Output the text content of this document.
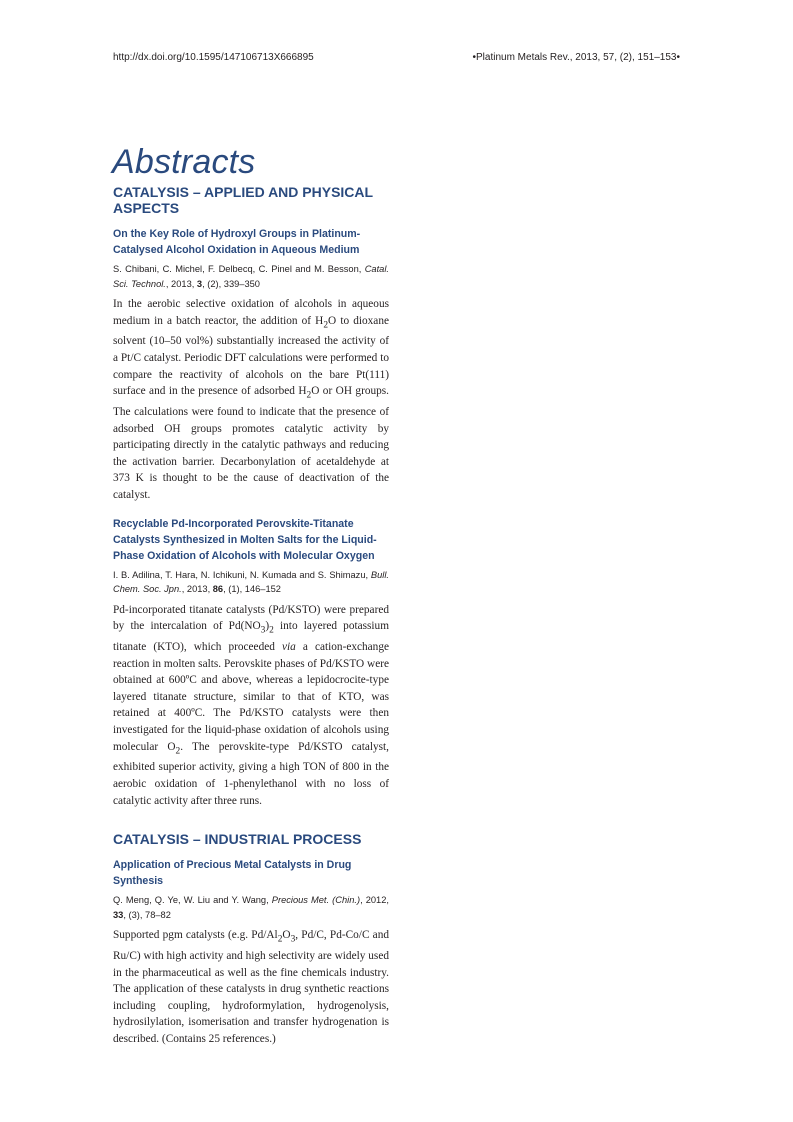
http://dx.doi.org/10.1595/147106713X666895	•Platinum Metals Rev., 2013, 57, (2), 151–153•
Abstracts
CATALYSIS – APPLIED AND PHYSICAL ASPECTS
On the Key Role of Hydroxyl Groups in Platinum-Catalysed Alcohol Oxidation in Aqueous Medium

S. Chibani, C. Michel, F. Delbecq, C. Pinel and M. Besson, Catal. Sci. Technol., 2013, 3, (2), 339–350

In the aerobic selective oxidation of alcohols in aqueous medium in a batch reactor, the addition of $H_2O$ to dioxane solvent (10–50 vol%) substantially increased the activity of a Pt/C catalyst. Periodic DFT calculations were performed to compare the reactivity of alcohols on the bare Pt(111) surface and in the presence of adsorbed $H_2O$ or OH groups. The calculations were found to indicate that the presence of adsorbed OH groups promotes catalytic activity by participating directly in the catalytic pathways and reducing the activation barrier. Decarbonylation of acetaldehyde at 373 K is thought to be the cause of deactivation of the catalyst.

Recyclable Pd-Incorporated Perovskite-Titanate Catalysts Synthesized in Molten Salts for the Liquid-Phase Oxidation of Alcohols with Molecular Oxygen

I. B. Adilina, T. Hara, N. Ichikuni, N. Kumada and S. Shimazu, Bull. Chem. Soc. Jpn., 2013, 86, (1), 146–152

Pd-incorporated titanate catalysts (Pd/KSTO) were prepared by the intercalation of $Pd(NO_3)_2$ into layered potassium titanate (KTO), which proceeded via a cation-exchange reaction in molten salts. Perovskite phases of Pd/KSTO were obtained at 600ºC and above, whereas a lepidocrocite-type layered titanate structure, similar to that of KTO, was retained at 400ºC. The Pd/KSTO catalysts were then investigated for the liquid-phase oxidation of alcohols using molecular $O_2$. The perovskite-type Pd/KSTO catalyst, exhibited superior activity, giving a high TON of 800 in the aerobic oxidation of 1-phenylethanol with no loss of catalytic activity after three runs.

CATALYSIS – INDUSTRIAL PROCESS
Application of Precious Metal Catalysts in Drug Synthesis

Q. Meng, Q. Ye, W. Liu and Y. Wang, Precious Met. (Chin.), 2012, 33, (3), 78–82

Supported pgm catalysts (e.g. $Pd/Al_2O_3$, Pd/C, Pd-Co/C and Ru/C) with high activity and high selectivity are widely used in the pharmaceutical as well as the fine chemicals industry. The application of these catalysts in drug synthetic reactions including coupling, hydroformylation, hydrogenolysis, hydrosilylation, isomerisation and transfer hydrogenation is described. (Contains 25 references.)
